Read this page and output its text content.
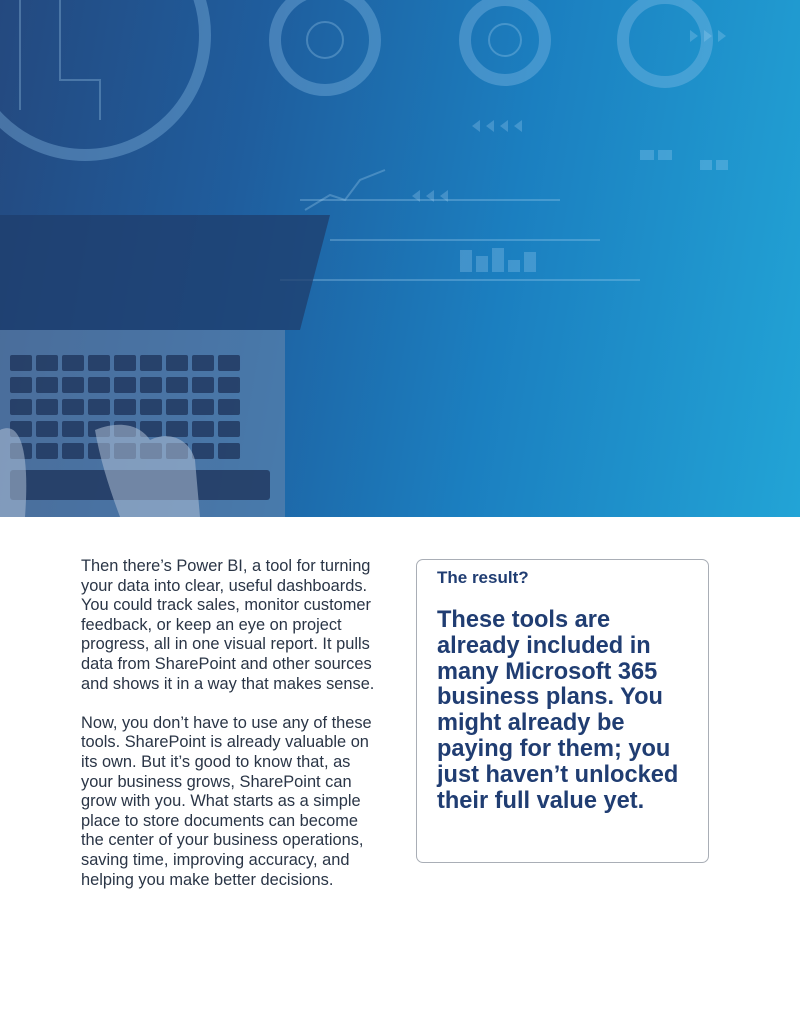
Then there’s Power BI, a tool for turning your data into clear, useful dashboards. You could track sales, monitor customer feedback, or keep an eye on project progress, all in one visual report. It pulls data from SharePoint and other sources and shows it in a way that makes sense.

Now, you don’t have to use any of these tools. SharePoint is already valuable on its own. But it’s good to know that, as your business grows, SharePoint can grow with you. What starts as a simple place to store documents can become the center of your business operations, saving time, improving accuracy, and helping you make better decisions.

The result?
These tools are already included in many Microsoft 365 business plans. You might already be paying for them; you just haven’t unlocked their full value yet.
